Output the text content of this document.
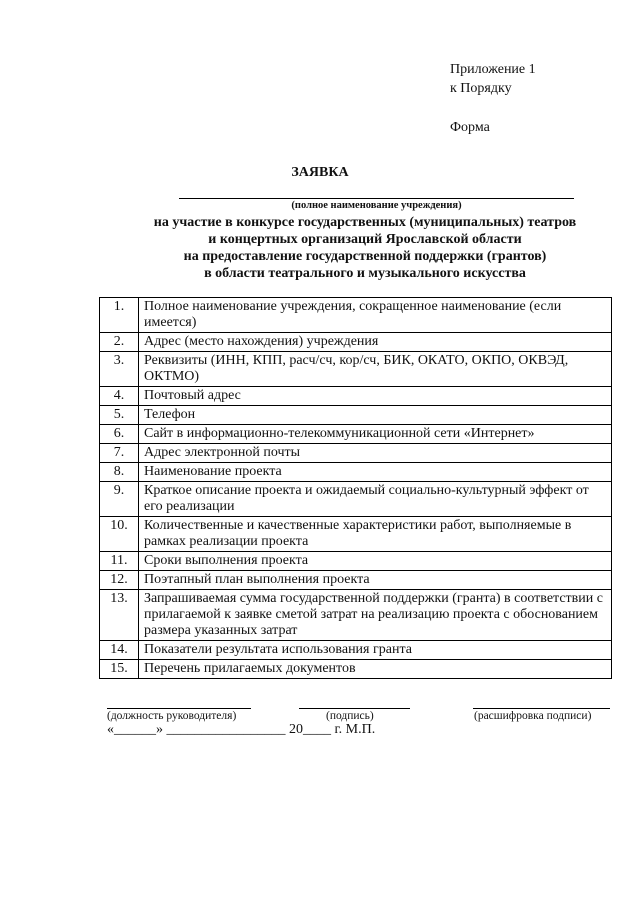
Приложение 1
к Порядку
Форма
ЗАЯВКА
(полное наименование учреждения)
на участие в конкурсе государственных (муниципальных) театров
и концертных организаций Ярославской области
на предоставление государственной поддержки (грантов)
в области театрального и музыкального искусства
1.	Полное наименование учреждения, сокращенное наименование (если имеется)
2.	Адрес (место нахождения) учреждения
3.	Реквизиты (ИНН, КПП, расч/сч, кор/сч, БИК, ОКАТО, ОКПО, ОКВЭД, ОКТМО)
4.	Почтовый адрес
5.	Телефон
6.	Сайт в информационно-телекоммуникационной сети «Интернет»
7.	Адрес электронной почты
8.	Наименование проекта
9.	Краткое описание проекта и ожидаемый социально-культурный эффект от его реализации
10.	Количественные и качественные характеристики работ, выполняемые в рамках реализации проекта
11.	Сроки выполнения проекта
12.	Поэтапный план выполнения проекта
13.	Запрашиваемая сумма государственной поддержки (гранта) в соответствии с прилагаемой к заявке сметой затрат на реализацию проекта с обоснованием размера указанных затрат
14.	Показатели результата использования гранта
15.	Перечень прилагаемых документов
(должность руководителя)	(подпись)	(расшифровка подписи)
«______» _________________ 20____ г. М.П.
